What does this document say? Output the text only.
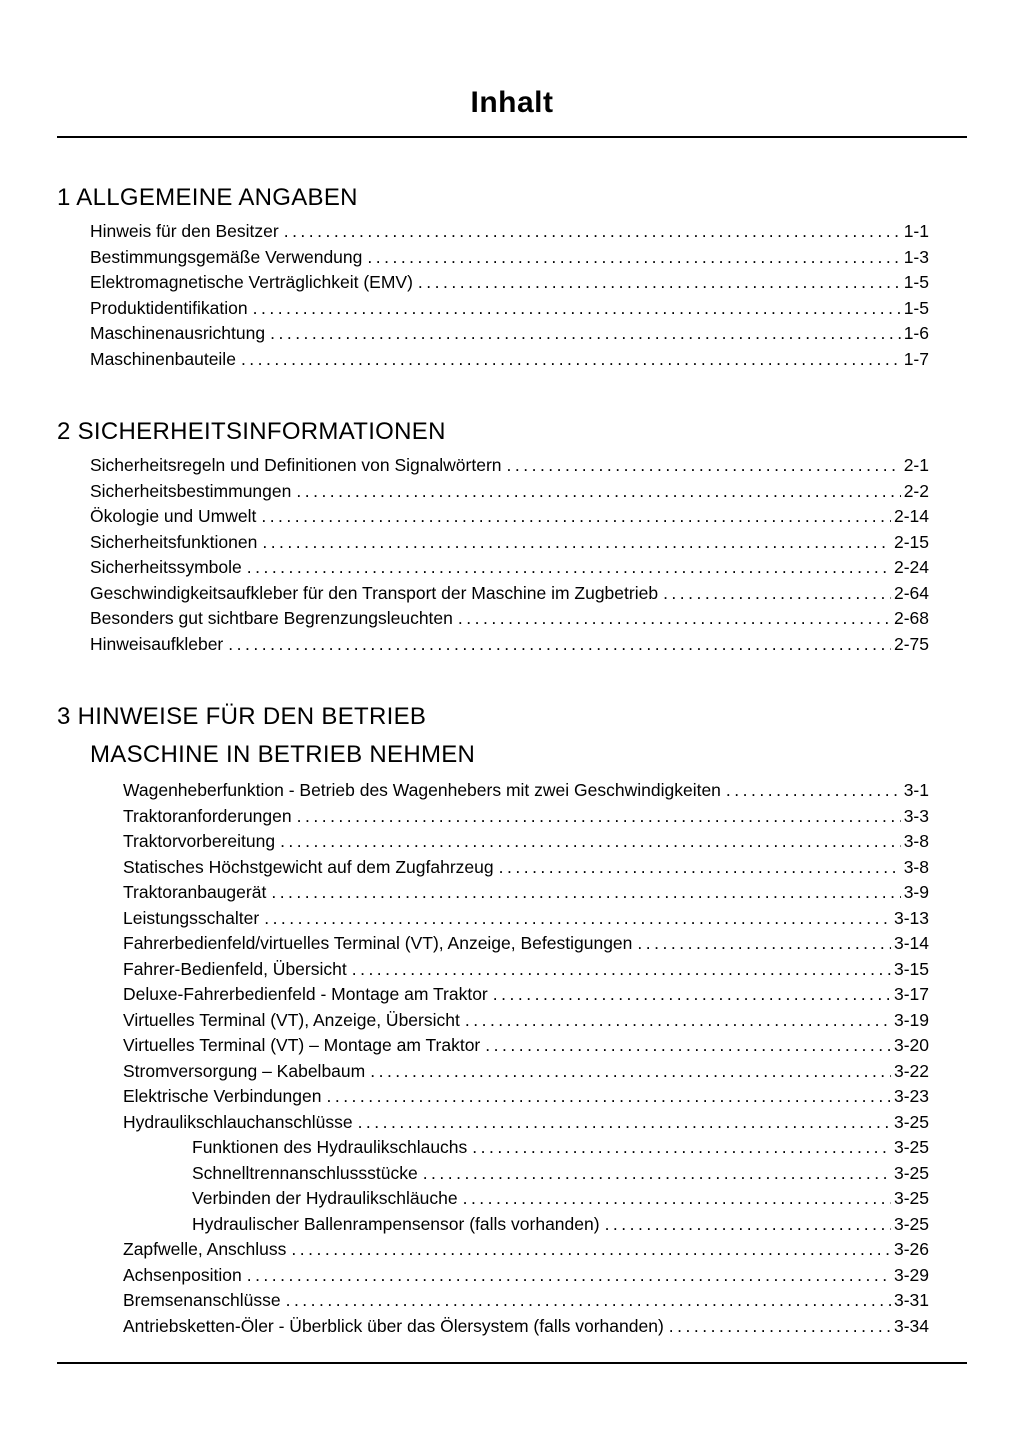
Inhalt
1 ALLGEMEINE ANGABEN
Hinweis für den Besitzer .....	1-1
Bestimmungsgemäße Verwendung .....	1-3
Elektromagnetische Verträglichkeit (EMV) .....	1-5
Produktidentifikation .....	1-5
Maschinenausrichtung .....	1-6
Maschinenbauteile .....	1-7
2 SICHERHEITSINFORMATIONEN
Sicherheitsregeln und Definitionen von Signalwörtern .....	2-1
Sicherheitsbestimmungen .....	2-2
Ökologie und Umwelt .....	2-14
Sicherheitsfunktionen .....	2-15
Sicherheitssymbole .....	2-24
Geschwindigkeitsaufkleber für den Transport der Maschine im Zugbetrieb .....	2-64
Besonders gut sichtbare Begrenzungsleuchten .....	2-68
Hinweisaufkleber .....	2-75
3 HINWEISE FÜR DEN BETRIEB
MASCHINE IN BETRIEB NEHMEN
Wagenheberfunktion - Betrieb des Wagenhebers mit zwei Geschwindigkeiten .....	3-1
Traktoranforderungen .....	3-3
Traktorvorbereitung .....	3-8
Statisches Höchstgewicht auf dem Zugfahrzeug .....	3-8
Traktoranbaugerät .....	3-9
Leistungsschalter .....	3-13
Fahrerbedienfeld/virtuelles Terminal (VT), Anzeige, Befestigungen .....	3-14
Fahrer-Bedienfeld, Übersicht .....	3-15
Deluxe-Fahrerbedienfeld - Montage am Traktor .....	3-17
Virtuelles Terminal (VT), Anzeige, Übersicht .....	3-19
Virtuelles Terminal (VT) – Montage am Traktor .....	3-20
Stromversorgung – Kabelbaum .....	3-22
Elektrische Verbindungen .....	3-23
Hydraulikschlauchanschlüsse .....	3-25
Funktionen des Hydraulikschlauchs .....	3-25
Schnelltrennanschlussstücke .....	3-25
Verbinden der Hydraulikschläuche .....	3-25
Hydraulischer Ballenrampensensor (falls vorhanden) .....	3-25
Zapfwelle, Anschluss .....	3-26
Achsenposition .....	3-29
Bremsenanschlüsse .....	3-31
Antriebsketten-Öler - Überblick über das Ölersystem (falls vorhanden) .....	3-34
